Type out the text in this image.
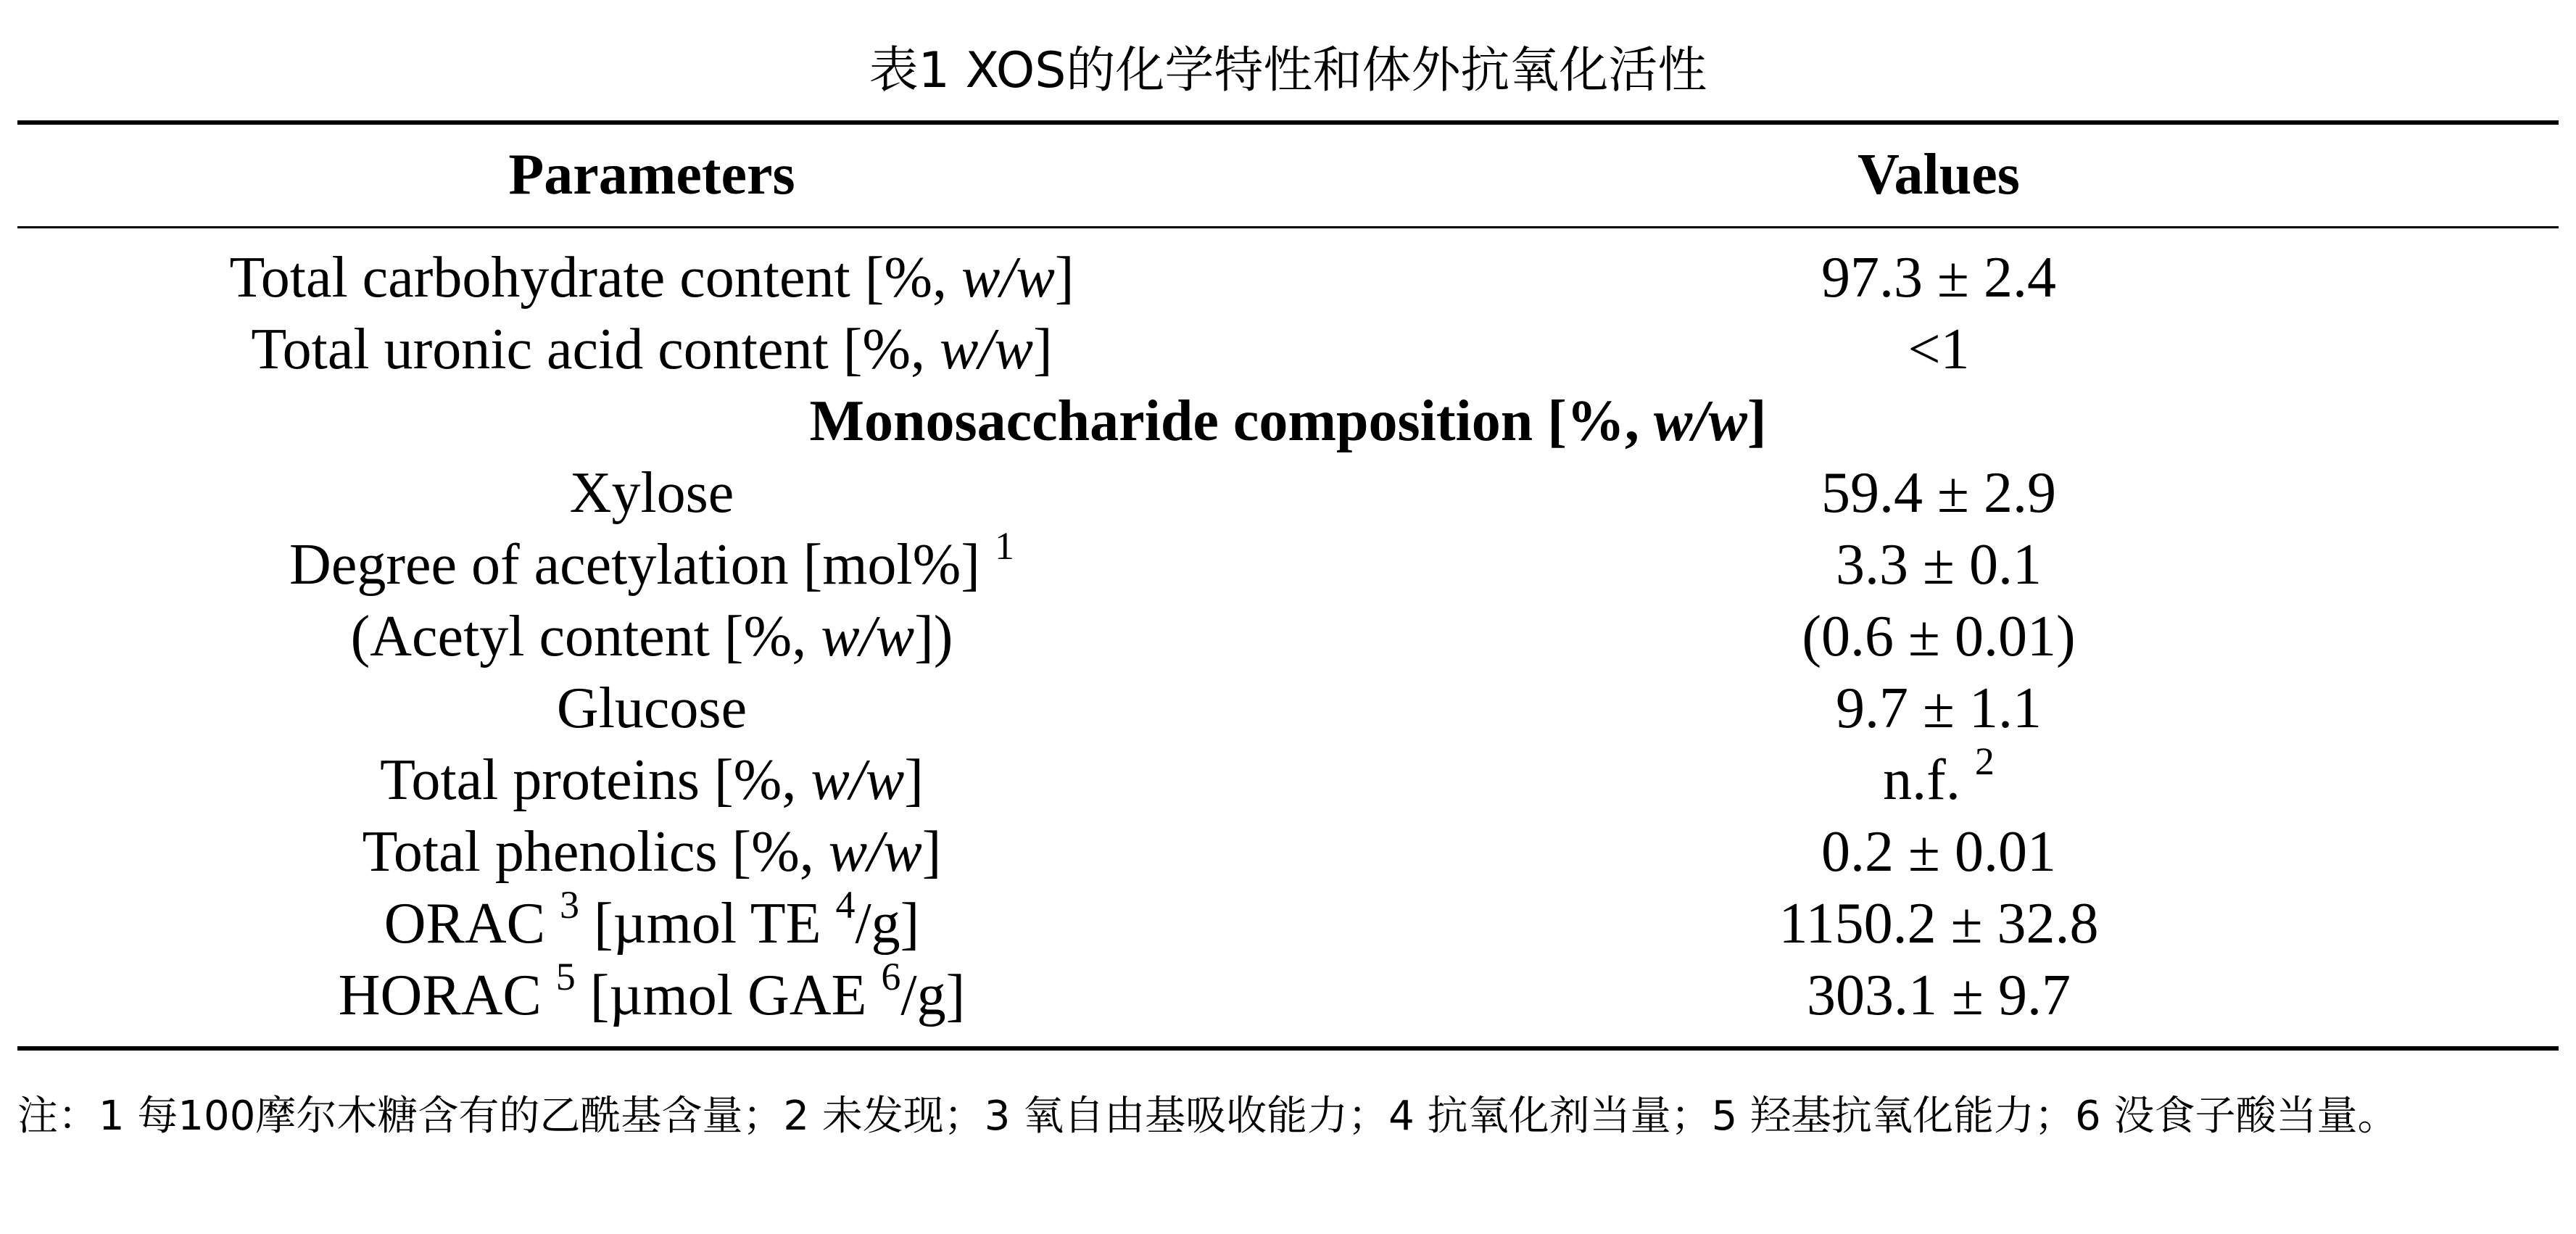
表1 XOS的化学特性和体外抗氧化活性
Parameters	Values
Total carbohydrate content [%, w/w]	97.3 ± 2.4
Total uronic acid content [%, w/w]	<1
Monosaccharide composition [%, w/w]
Xylose	59.4 ± 2.9
Degree of acetylation [mol%] $^1$	3.3 ± 0.1
(Acetyl content [%, w/w])	(0.6 ± 0.01)
Glucose	9.7 ± 1.1
Total proteins [%, w/w]	n.f. $^2$
Total phenolics [%, w/w]	0.2 ± 0.01
ORAC $^3$ [µmol TE $^4$/g]	1150.2 ± 32.8
HORAC $^5$ [µmol GAE $^6$/g]	303.1 ± 9.7
注：1 每100摩尔木糖含有的乙酰基含量；2 未发现；3 氧自由基吸收能力；4 抗氧化剂当量；5 羟基抗氧化能力；6 没食子酸当量。
